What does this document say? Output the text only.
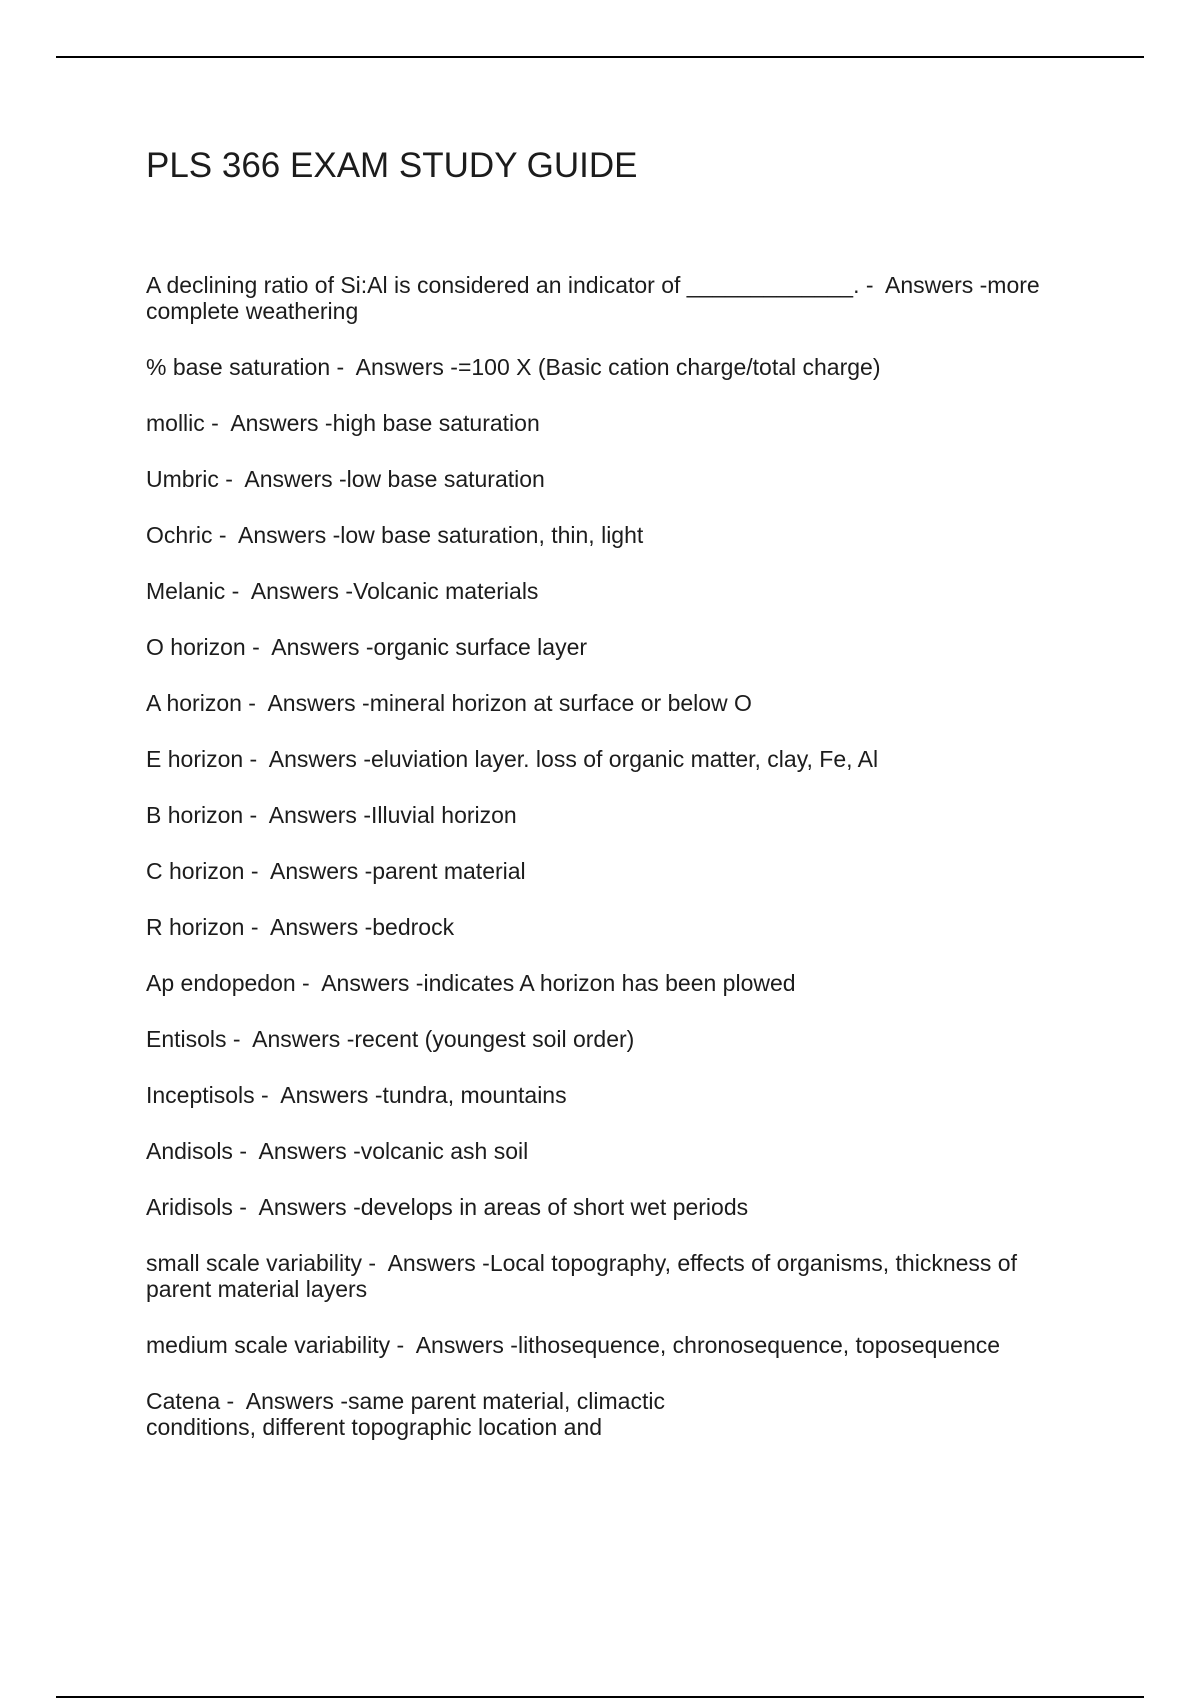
PLS 366 EXAM STUDY GUIDE
A declining ratio of Si:Al is considered an indicator of _____________. -  Answers -more complete weathering
% base saturation -  Answers -=100 X (Basic cation charge/total charge)
mollic -  Answers -high base saturation
Umbric -  Answers -low base saturation
Ochric -  Answers -low base saturation, thin, light
Melanic -  Answers -Volcanic materials
O horizon -  Answers -organic surface layer
A horizon -  Answers -mineral horizon at surface or below O
E horizon -  Answers -eluviation layer. loss of organic matter, clay, Fe, Al
B horizon -  Answers -Illuvial horizon
C horizon -  Answers -parent material
R horizon -  Answers -bedrock
Ap endopedon -  Answers -indicates A horizon has been plowed
Entisols -  Answers -recent (youngest soil order)
Inceptisols -  Answers -tundra, mountains
Andisols -  Answers -volcanic ash soil
Aridisols -  Answers -develops in areas of short wet periods
small scale variability -  Answers -Local topography, effects of organisms, thickness of parent material layers
medium scale variability -  Answers -lithosequence, chronosequence, toposequence
Catena -  Answers -same parent material, climactic
conditions, different topographic location and
